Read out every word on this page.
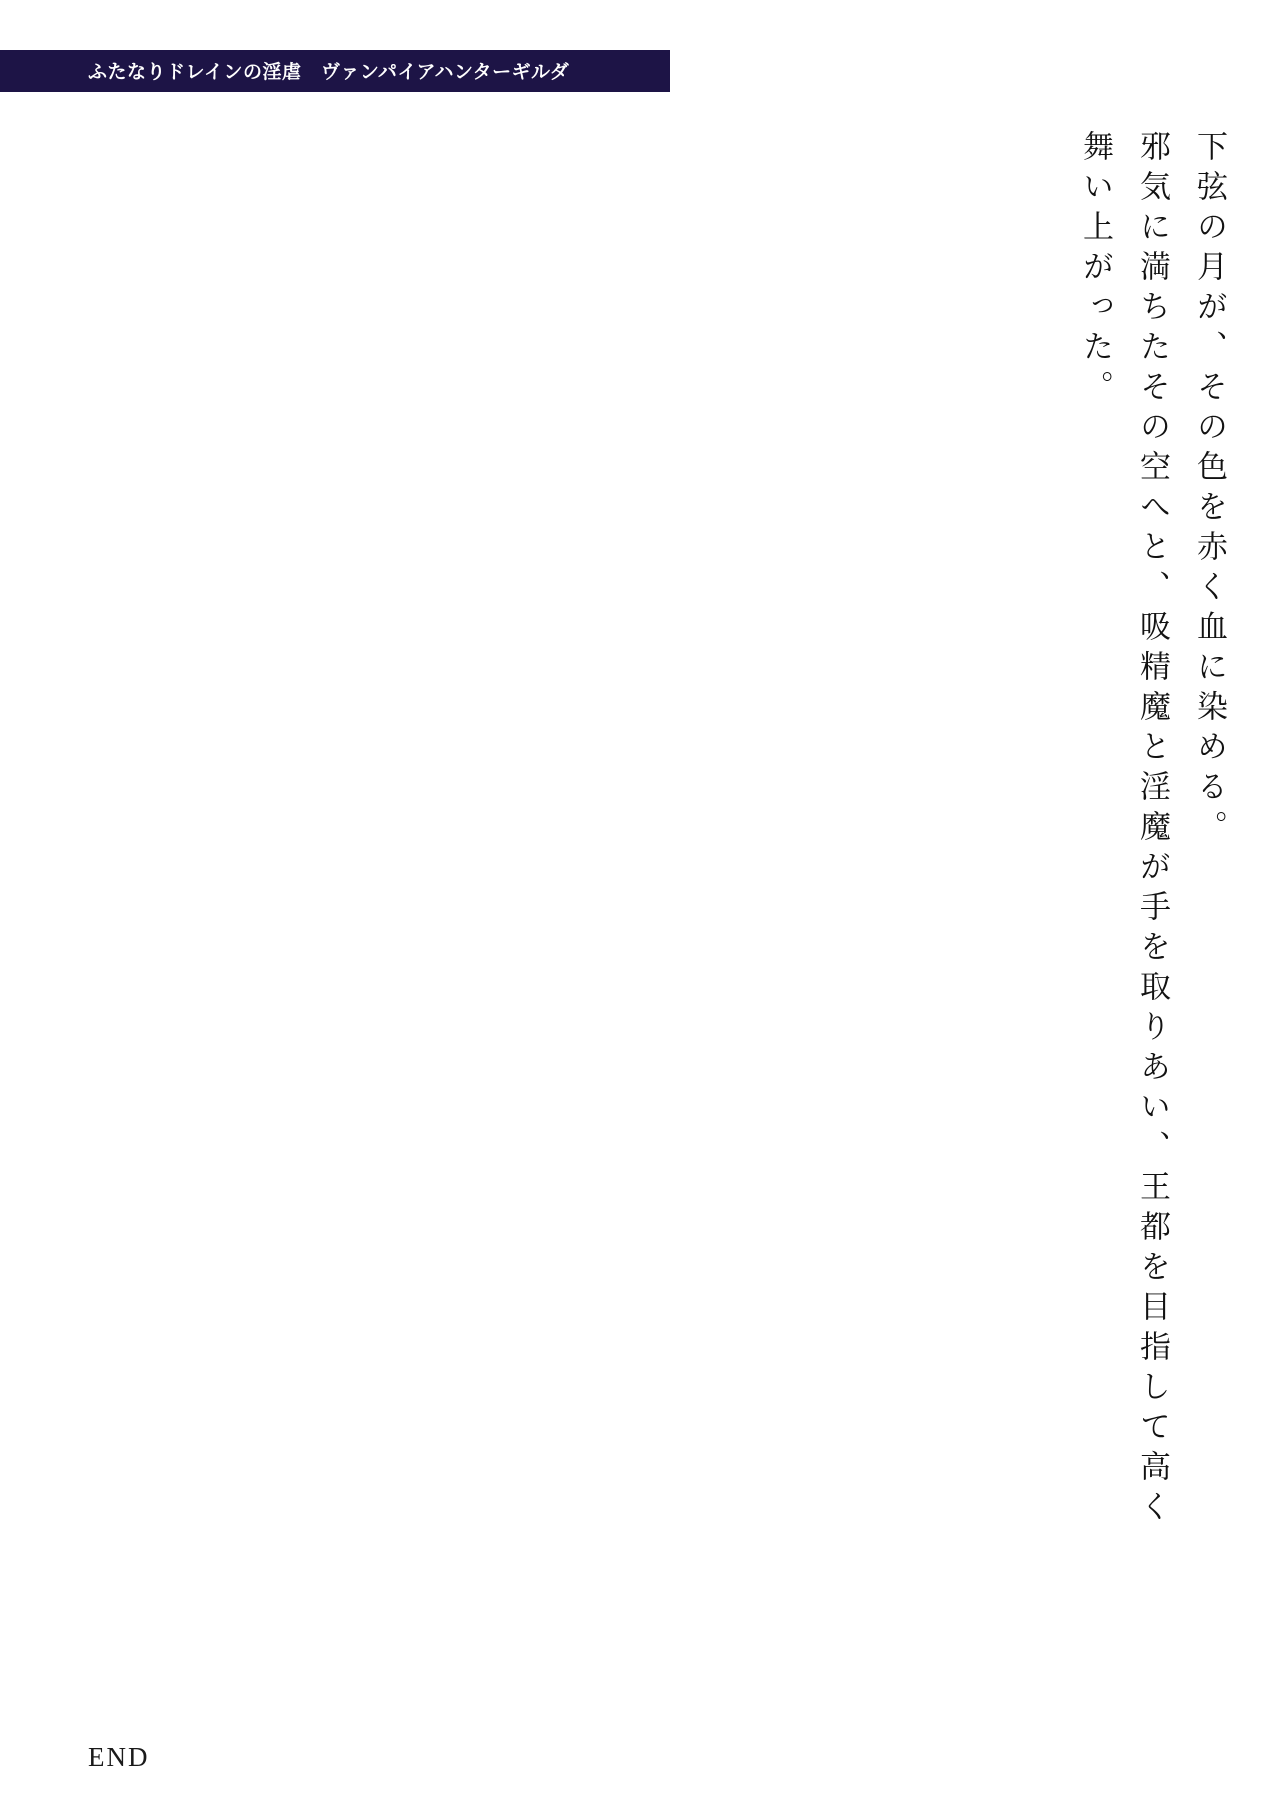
ふたなりドレインの淫虐　ヴァンパイアハンターギルダ
舞い上がった。 邪気に満ちたその空へと、吸精魔と淫魔が手を取りあい、王都を目指して高く 下弦の月が、その色を赤く血に染める。
END
